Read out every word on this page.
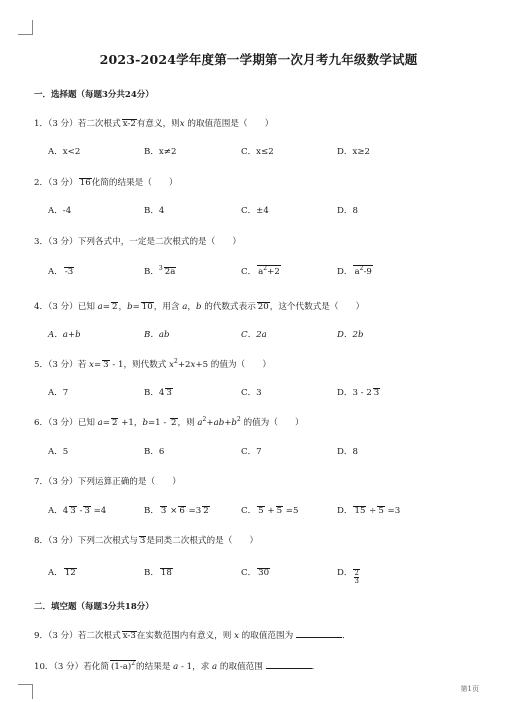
2023-2024学年度第一学期第一次月考九年级数学试题
一．选择题（每题3分共24分）
1．（3 分）若二次根式 x-2有意义，则x 的取值范围是（　　）
A．x<2	B．x≠2	C．x≤2	D．x≥2
2．（3 分） 16化简的结果是（　　）
A．-4	B．4	C．±4	D．8
3．（3 分）下列各式中，一定是二次根式的是（　　）
A． -3	B．$^3$ 2a	C． $a^2+2$	D． $a^2-9$
4．（3 分）已知 a= 2，b= 10，用含 a，b 的代数式表示 20，这个代数式是（　　）
A．a+b	B．ab	C．2a	D．2b
5．（3 分）若 x= 3 - 1，则代数式 $x^2+2x+5$ 的值为（　　）
A．7	B．4 3	C．3	D．3 - 2 3
6．（3 分）已知 a= 2 +1，b=1 - 2，则 $a^2+ab+b^2$ 的值为（　　）
A．5	B．6	C．7	D．8
7．（3 分）下列运算正确的是（　　）
A．4 3 - 3 =4	B． 3 × 6 =3 2	C． 5 + 5 =5	D． 15 ÷ 5 =3
8．（3 分）下列二次根式与 3是同类二次根式的是（　　）
A． 12	B． 18	C． 30	D． $\frac{2}{3}$
二．填空题（每题3分共18分）
9．（3 分）若二次根式 x-3在实数范围内有意义，则 x 的取值范围为	．
10．（3 分）若化简 $(1-a)^2$的结果是 a - 1，求 a 的取值范围	．
第1页
